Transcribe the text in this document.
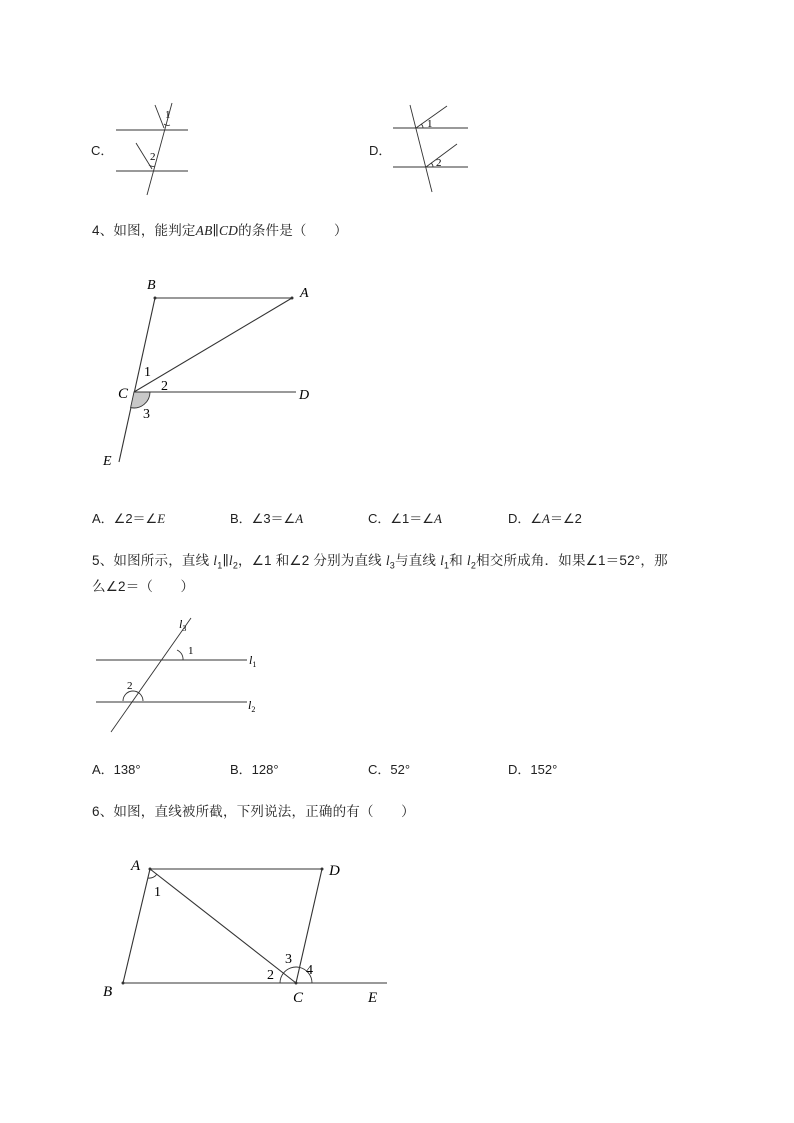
C．
1
2	D．
1
2
4、如图，能判定AB∥CD的条件是（　　）
B
A
C	D
E
1
2
3
A．∠2＝∠E	B．∠3＝∠A	C．∠1＝∠A	D．∠A＝∠2
5、如图所示，直线 $l_1\parallel l_2$，∠1 和∠2 分别为直线 $l_3$与直线 $l_1$和 $l_2$相交所成角．如果∠1＝52°，那
么∠2＝（　　）
$l_3$
$l_1$
$l_2$
1
2
A．138°	B．128°	C．52°	D．152°
6、如图，直线被所截，下列说法，正确的有（　　）
A	D
B	C	E
1
2
3
4
